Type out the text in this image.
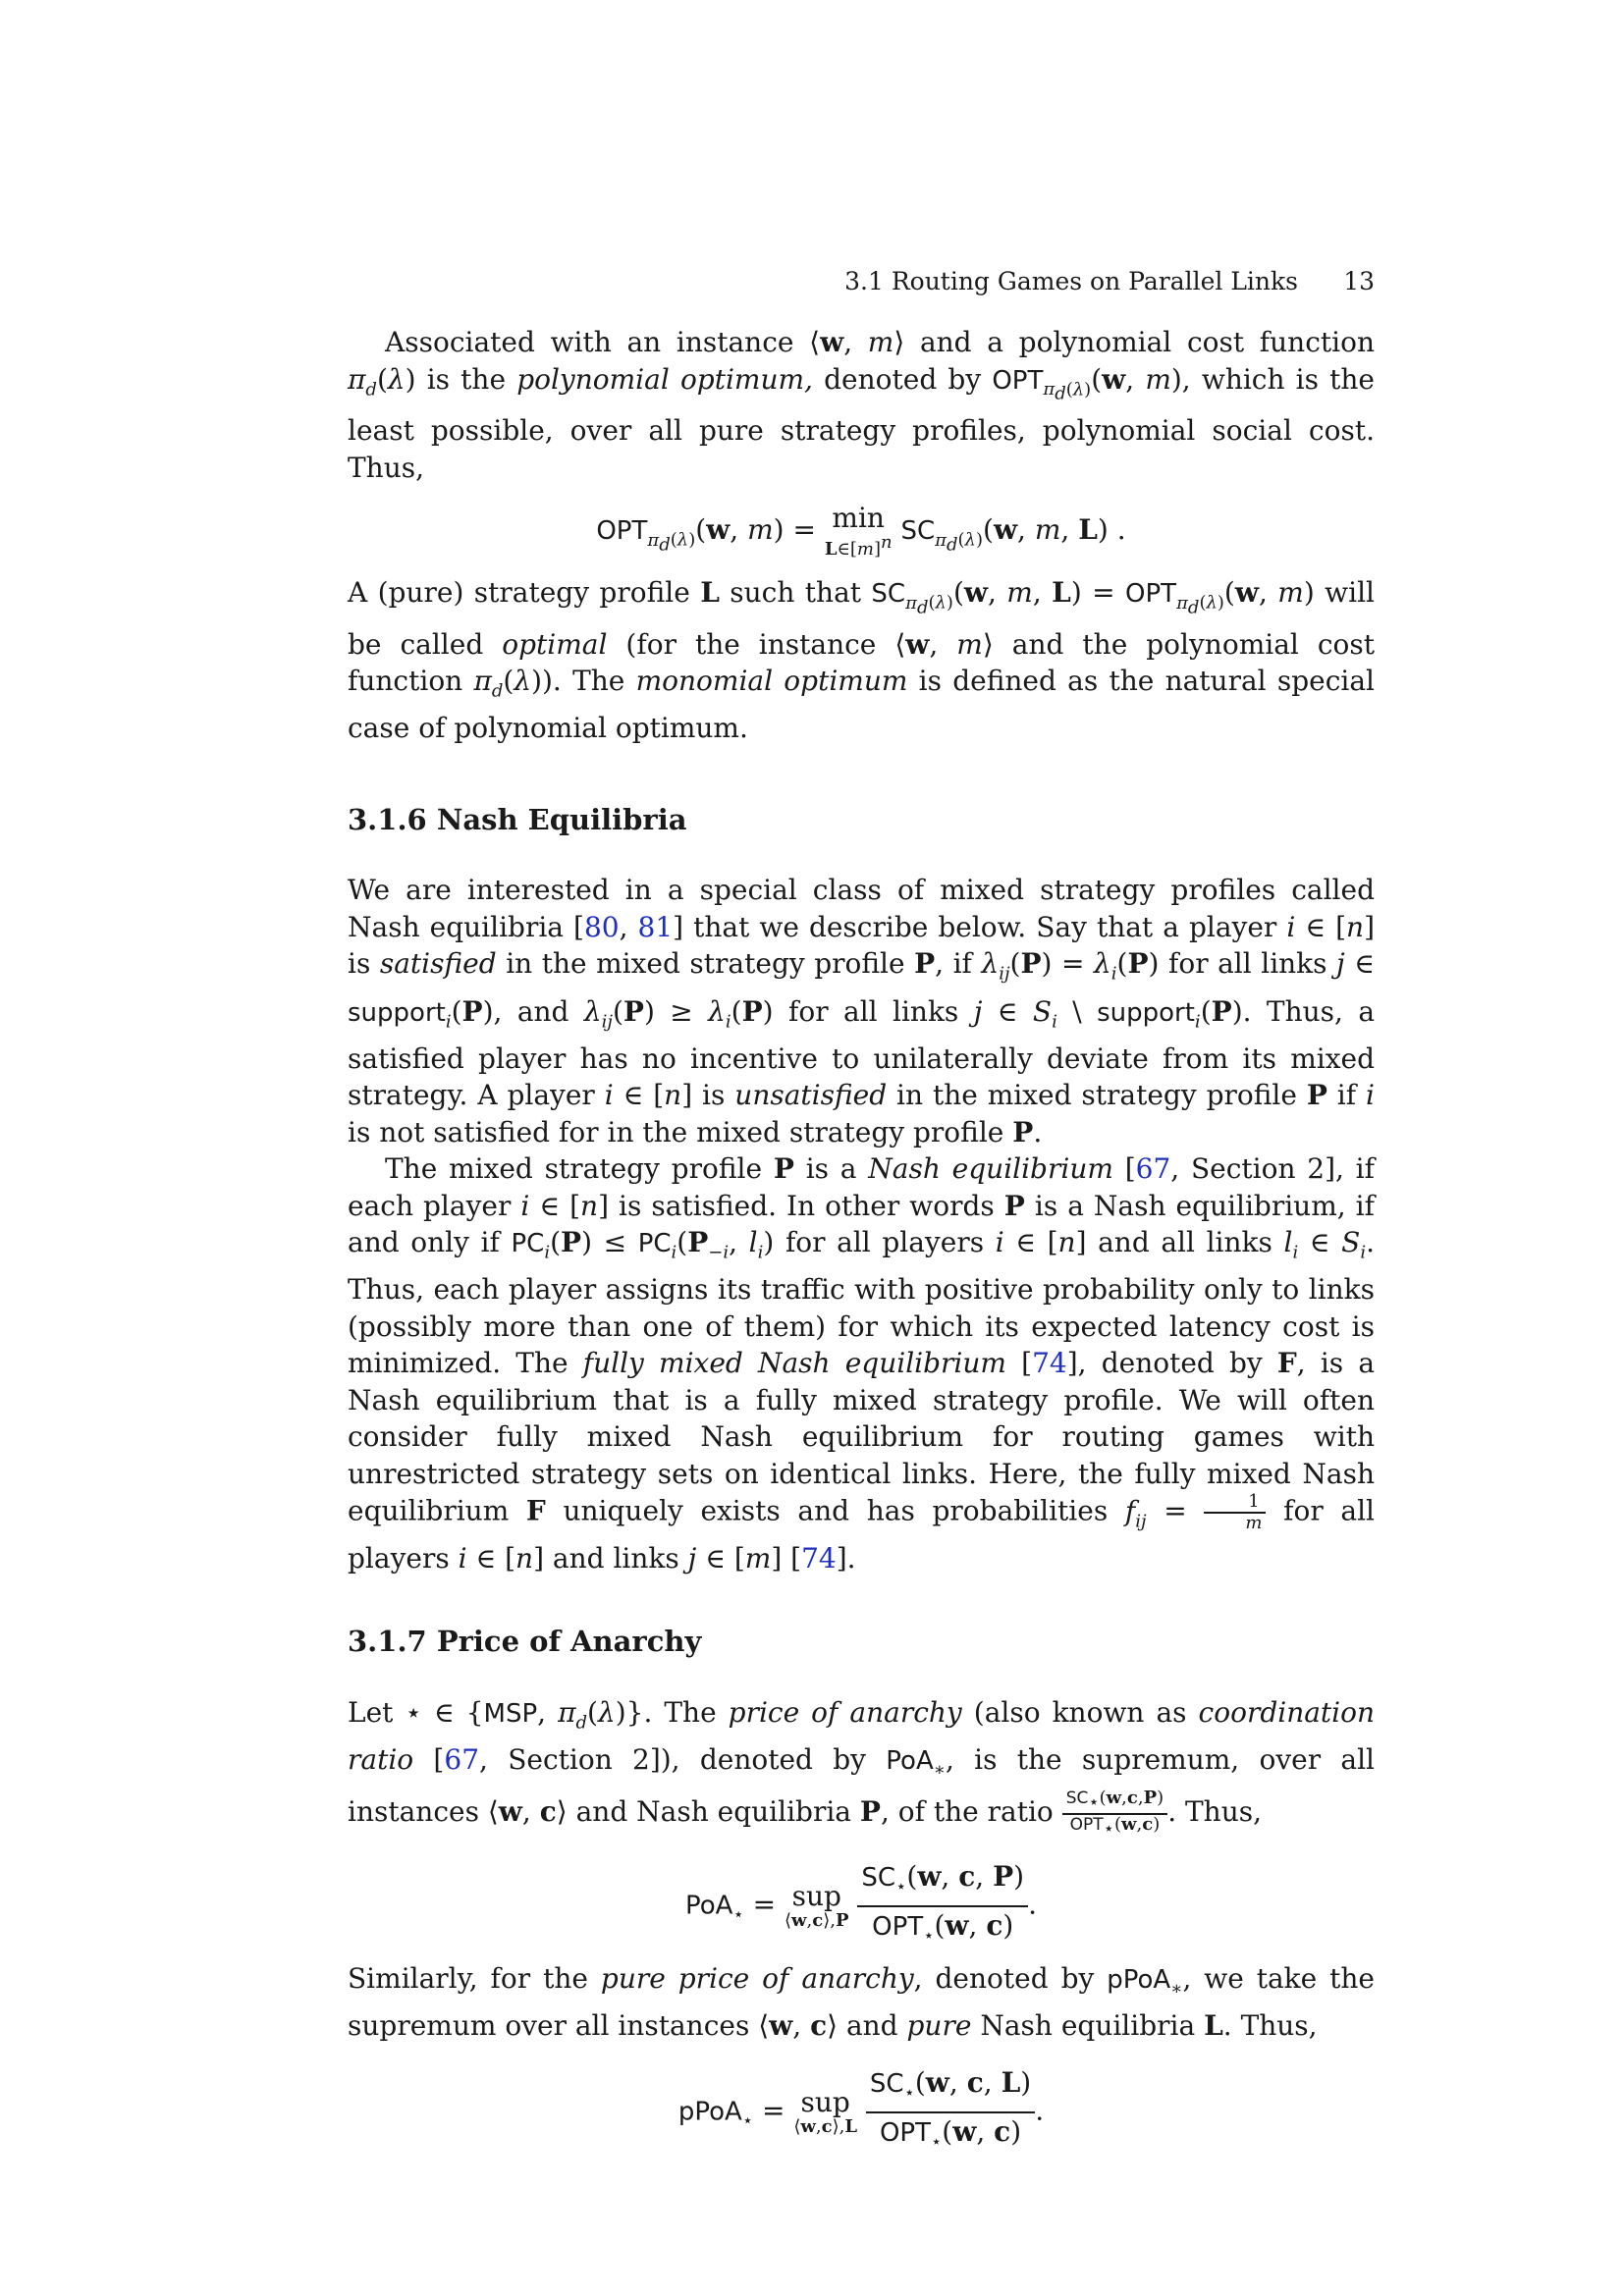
3.1 Routing Games on Parallel Links 13

Associated with an instance ⟨w, m⟩ and a polynomial cost function $\pi_d(\lambda)$ is the polynomial optimum, denoted by $OPT_{\pi_d(\lambda)}(w$, m), which is the least possible, over all pure strategy profiles, polynomial social cost. Thus,

$OPT_{\pi_d(\lambda)}(w$, m) = min
$L\in[m]^n$ $SC_{\pi_d(\lambda)}(w$, m, L) .

A (pure) strategy profile L such that $SC_{\pi_d(\lambda)}(w$, m, $L) = OPT_{\pi_d(\lambda)}(w$, m) will be called optimal (for the instance ⟨w, m⟩ and the polynomial cost function $\pi_d(\lambda)$). The monomial optimum is defined as the natural special case of polynomial optimum.

3.1.6 Nash Equilibria

We are interested in a special class of mixed strategy profiles called Nash equilibria [80, 81] that we describe below. Say that a player i ∈ [n] is satisfied in the mixed strategy profile P, if $\lambda_{ij}(P) = \lambda_i(P)$ for all links j ∈ support$_i$(P), and $\lambda_{ij}(P) \ge \lambda_i(P)$ for all links j ∈ $S_i$ \ support$_i$(P). Thus, a satisfied player has no incentive to unilaterally deviate from its mixed strategy. A player i ∈ [n] is unsatisfied in the mixed strategy profile P if i is not satisfied for in the mixed strategy profile P.

The mixed strategy profile P is a Nash equilibrium [67, Section 2], if each player i ∈ [n] is satisfied. In other words P is a Nash equilibrium, if and only if $PC_i(P) \le PC_i(P_{-i}$, $l_i$) for all players i ∈ [n] and all links $l_i$ ∈ $S_i$. Thus, each player assigns its traffic with positive probability only to links (possibly more than one of them) for which its expected latency cost is minimized. The fully mixed Nash equilibrium [74], denoted by F, is a Nash equilibrium that is a fully mixed strategy profile. We will often consider fully mixed Nash equilibrium for routing games with unrestricted strategy sets on identical links. Here, the fully mixed Nash equilibrium F uniquely exists and has probabilities $f_{ij} = \frac{1}{m}$ for all players i ∈ [n] and links j ∈ [m] [74].

3.1.7 Price of Anarchy

Let ⋆ ∈ {MSP, $\pi_d(\lambda)$}. The price of anarchy (also known as coordination ratio [67, Section 2]), denoted by PoA$_∗$, is the supremum, over all instances ⟨w, c⟩ and Nash equilibria P, of the ratio $\frac{SC_⋆(w,c,P)}{OPT_⋆(w,c)}$ . Thus,

PoA$_⋆$ = sup
⟨w,c⟩,P
$\frac{SC_⋆(w, c, P)}{OPT_⋆(w, c)}$ .

Similarly, for the pure price of anarchy, denoted by pPoA$_∗$, we take the supremum over all instances ⟨w, c⟩ and pure Nash equilibria L. Thus,

pPoA$_⋆$ = sup
⟨w,c⟩,L
$\frac{SC_⋆(w, c, L)}{OPT_⋆(w, c)}$ .
